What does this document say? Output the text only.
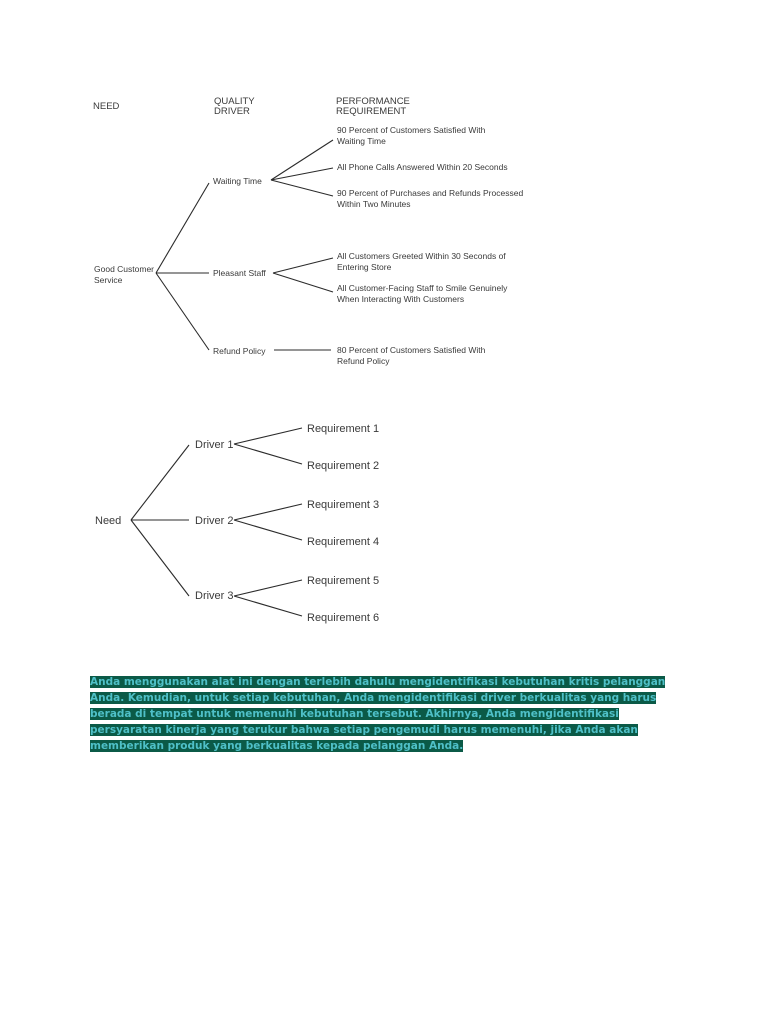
NEED	QUALITY
DRIVER
PERFORMANCE
REQUIREMENT
Good Customer
Service
Waiting Time
Pleasant Staff
Refund Policy
90 Percent of Customers Satisfied With
Waiting Time
All Phone Calls Answered Within 20 Seconds
90 Percent of Purchases and Refunds Processed
Within Two Minutes
All Customers Greeted Within 30 Seconds of
Entering Store
All Customer-Facing Staff to Smile Genuinely
When Interacting With Customers
80 Percent of Customers Satisfied With
Refund Policy
Need
Driver 1
Driver 2
Driver 3
Requirement 1
Requirement 2
Requirement 3
Requirement 4
Requirement 5
Requirement 6
Anda menggunakan alat ini dengan terlebih dahulu mengidentifikasi kebutuhan kritis pelanggan Anda. Kemudian, untuk setiap kebutuhan, Anda mengidentifikasi driver berkualitas yang harus berada di tempat untuk memenuhi kebutuhan tersebut. Akhirnya, Anda mengidentifikasi persyaratan kinerja yang terukur bahwa setiap pengemudi harus memenuhi, jika Anda akan memberikan produk yang berkualitas kepada pelanggan Anda.
